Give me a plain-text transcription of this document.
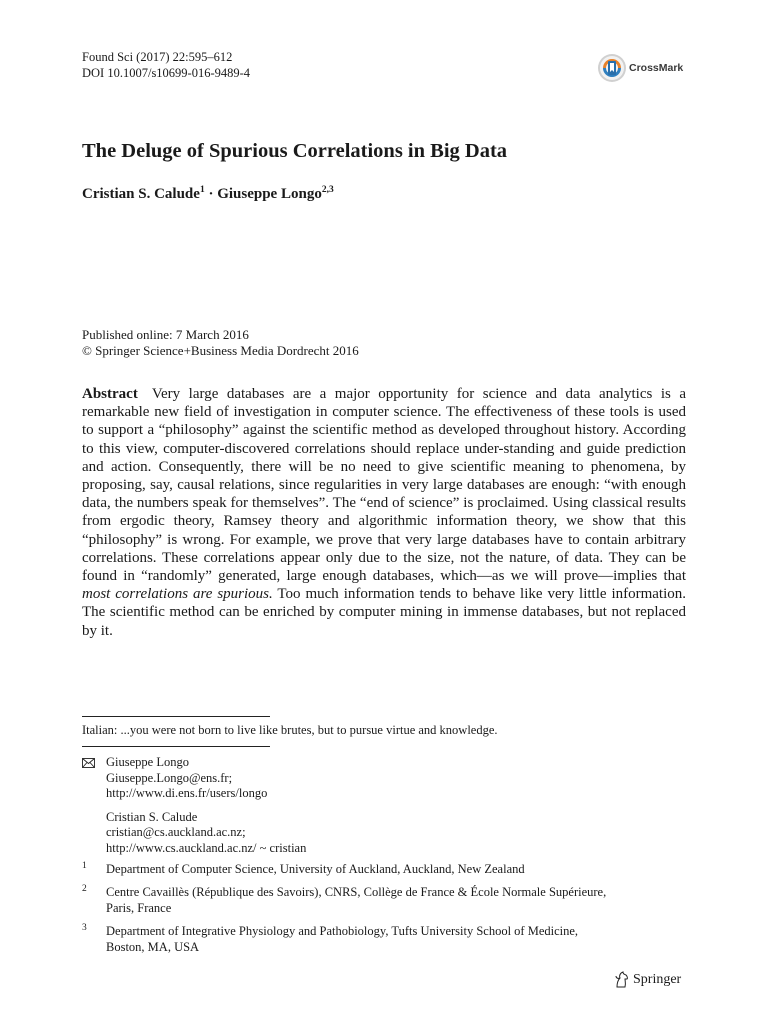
Found Sci (2017) 22:595–612
DOI 10.1007/s10699-016-9489-4	CrossMark
The Deluge of Spurious Correlations in Big Data
Cristian S. Calude$^1$ · Giuseppe Longo$^{2,3}$
Published online: 7 March 2016
© Springer Science+Business Media Dordrecht 2016

Abstract Very large databases are a major opportunity for science and data analytics is a remarkable new field of investigation in computer science. The effectiveness of these tools is used to support a “philosophy” against the scientific method as developed throughout history. According to this view, computer-discovered correlations should replace under-standing and guide prediction and action. Consequently, there will be no need to give scientific meaning to phenomena, by proposing, say, causal relations, since regularities in very large databases are enough: “with enough data, the numbers speak for themselves”. The “end of science” is proclaimed. Using classical results from ergodic theory, Ramsey theory and algorithmic information theory, we show that this “philosophy” is wrong. For example, we prove that very large databases have to contain arbitrary correlations. These correlations appear only due to the size, not the nature, of data. They can be found in “randomly” generated, large enough databases, which—as we will prove—implies that most correlations are spurious. Too much information tends to behave like very little information. The scientific method can be enriched by computer mining in immense databases, but not replaced by it.

Italian: ...you were not born to live like brutes, but to pursue virtue and knowledge.
Giuseppe Longo
Giuseppe.Longo@ens.fr;
http://www.di.ens.fr/users/longo
Cristian S. Calude
cristian@cs.auckland.ac.nz;
http://www.cs.auckland.ac.nz/ ~ cristian
1	Department of Computer Science, University of Auckland, Auckland, New Zealand
2	Centre Cavaillès (République des Savoirs), CNRS, Collège de France & École Normale Supérieure,
Paris, France
3	Department of Integrative Physiology and Pathobiology, Tufts University School of Medicine,
Boston, MA, USA
Springer
